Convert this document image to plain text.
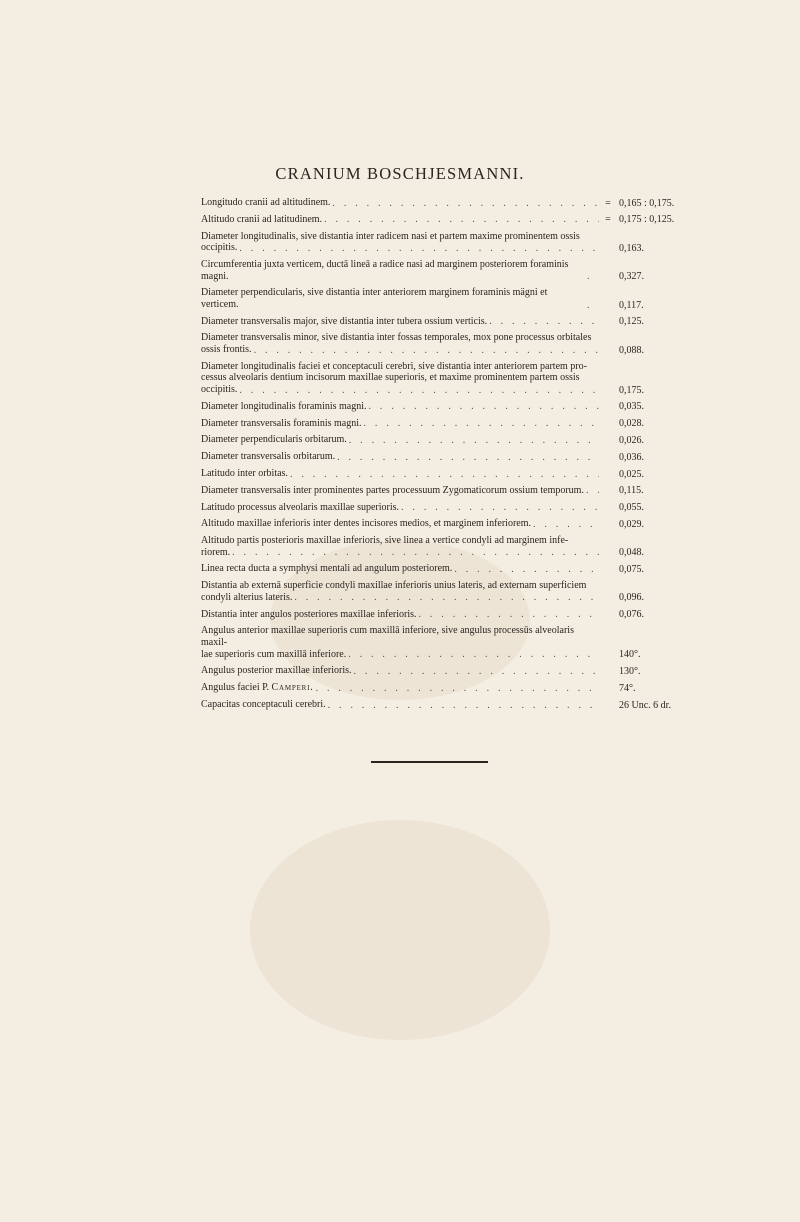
CRANIUM BOSCHJESMANNI.
Longitudo cranii ad altitudinem. . . .	= 0,165 : 0,175.
Altitudo cranii ad latitudinem. . . .	= 0,175 : 0,125.
Diameter longitudinalis, sive distantia inter radicem nasi et partem maxime prominentem ossis
occipitis. . . .	0,163.
Circumferentia juxta verticem, ductā lineā a radice nasi ad marginem posteriorem foraminis magni. . . .	0,327.
Diameter perpendicularis, sive distantia inter anteriorem marginem foraminis mägni et verticem. . . .	0,117.
Diameter transversalis major, sive distantia inter tubera ossium verticis. . . .	0,125.
Diameter transversalis minor, sive distantia inter fossas temporales, mox pone processus orbitales
ossis frontis. . . .	0,088.
Diameter longitudinalis faciei et conceptaculi cerebri, sive distantia inter anteriorem partem pro-
cessus alveolaris dentium incisorum maxillae superioris, et maxime prominentem partem ossis
occipitis. . . .	0,175.
Diameter longitudinalis foraminis magni. . . .	0,035.
Diameter transversalis foraminis magni. . . .	0,028.
Diameter perpendicularis orbitarum. . . .	0,026.
Diameter transversalis orbitarum. . . .	0,036.
Latitudo inter orbitas. . . .	0,025.
Diameter transversalis inter prominentes partes processuum Zygomaticorum ossium temporum. . . .	0,115.
Latitudo processus alveolaris maxillae superioris. . . .	0,055.
Altitudo maxillae inferioris inter dentes incisores medios, et marginem inferiorem. . . .	0,029.
Altitudo partis posterioris maxillae inferioris, sive linea a vertice condyli ad marginem infe-
riorem. . . .	0,048.
Linea recta ducta a symphysi mentali ad angulum posteriorem. . . .	0,075.
Distantia ab externā superficie condyli maxillae inferioris unius lateris, ad externam superficiem
condyli alterius lateris. . . .	0,096.
Distantia inter angulos posteriores maxillae inferioris. . . .	0,076.
Angulus anterior maxillae superioris cum maxillā inferiore, sive angulus processūs alveolaris maxil-
lae superioris cum maxillā inferiore. . . .	140°.
Angulus posterior maxillae inferioris. . . .	130°.
Angulus faciei P.
Camperi. . . .	74°.
Capacitas conceptaculi cerebri. . . .	26 Unc. 6 dr.
